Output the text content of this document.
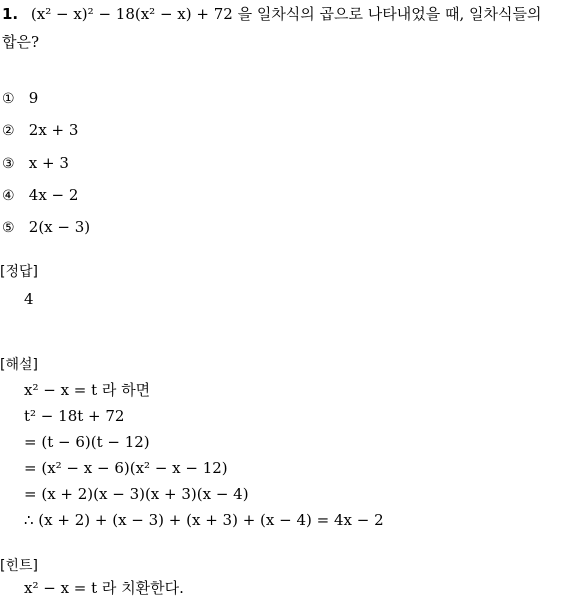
1. (x² − x)² − 18(x² − x) + 72 을 일차식의 곱으로 나타내었을 때, 일차식들의
합은?
① 9
② 2x + 3
③ x + 3
④ 4x − 2
⑤ 2(x − 3)
[정답]
4
[해설]
x² − x = t 라 하면
t² − 18t + 72
= (t − 6)(t − 12)
= (x² − x − 6)(x² − x − 12)
= (x + 2)(x − 3)(x + 3)(x − 4)
∴ (x + 2) + (x − 3) + (x + 3) + (x − 4) = 4x − 2
[힌트]
x² − x = t 라 치환한다.
